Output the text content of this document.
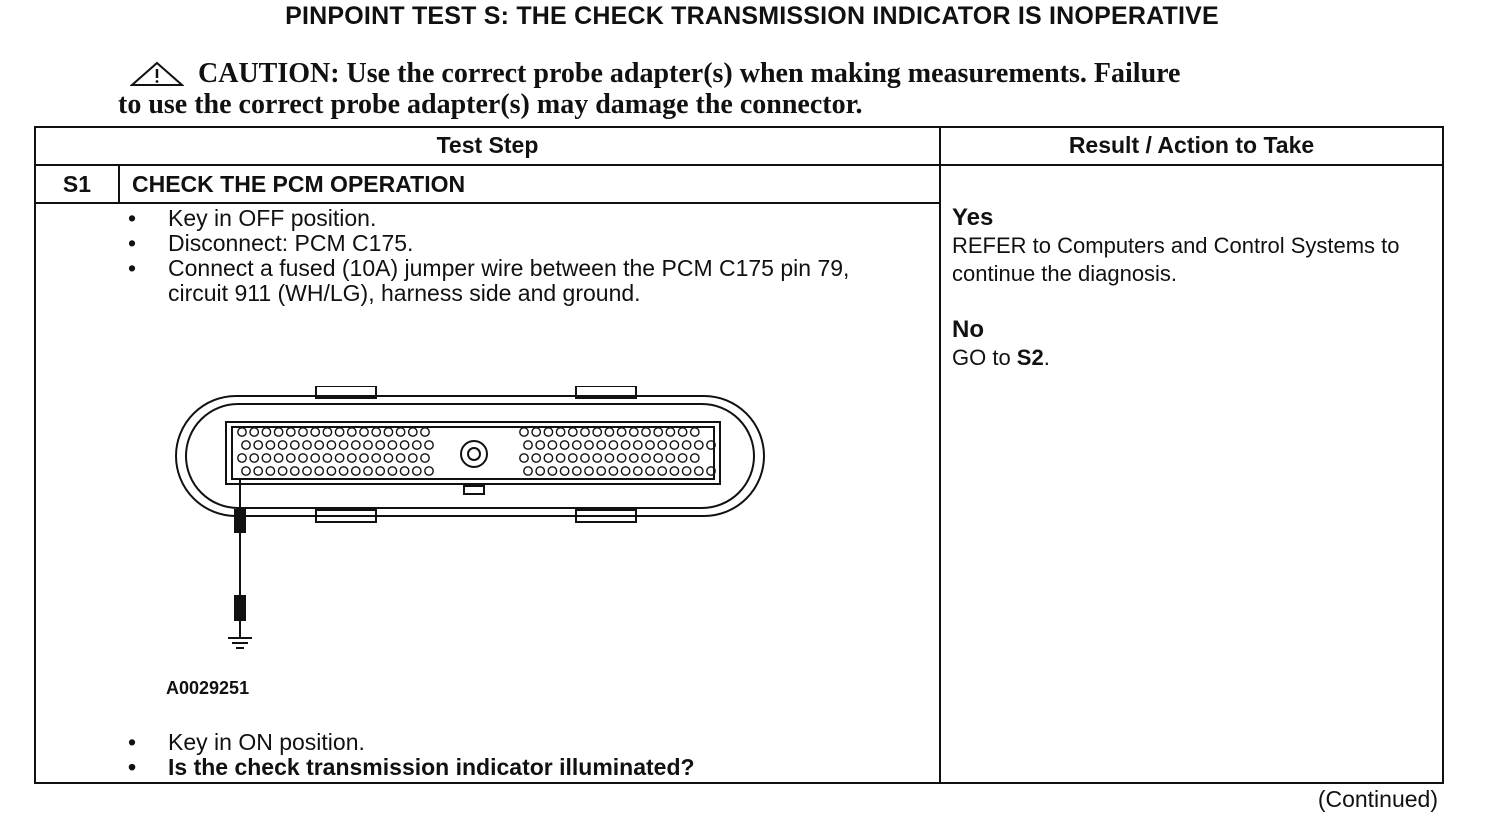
PINPOINT TEST S: THE CHECK TRANSMISSION INDICATOR IS INOPERATIVE
CAUTION: Use the correct probe adapter(s) when making measurements. Failure
to use the correct probe adapter(s) may damage the connector.
Test Step	Result / Action to Take
S1	CHECK THE PCM OPERATION
•	Key in OFF position.
•	Disconnect: PCM C175.
•	Connect a fused (10A) jumper wire between the PCM C175 pin 79, circuit 911 (WH/LG), harness side and ground.
A0029251
•	Key in ON position.
•	Is the check transmission indicator illuminated?
Yes
REFER to Computers and Control Systems to continue the diagnosis.
No
GO to S2.
(Continued)
